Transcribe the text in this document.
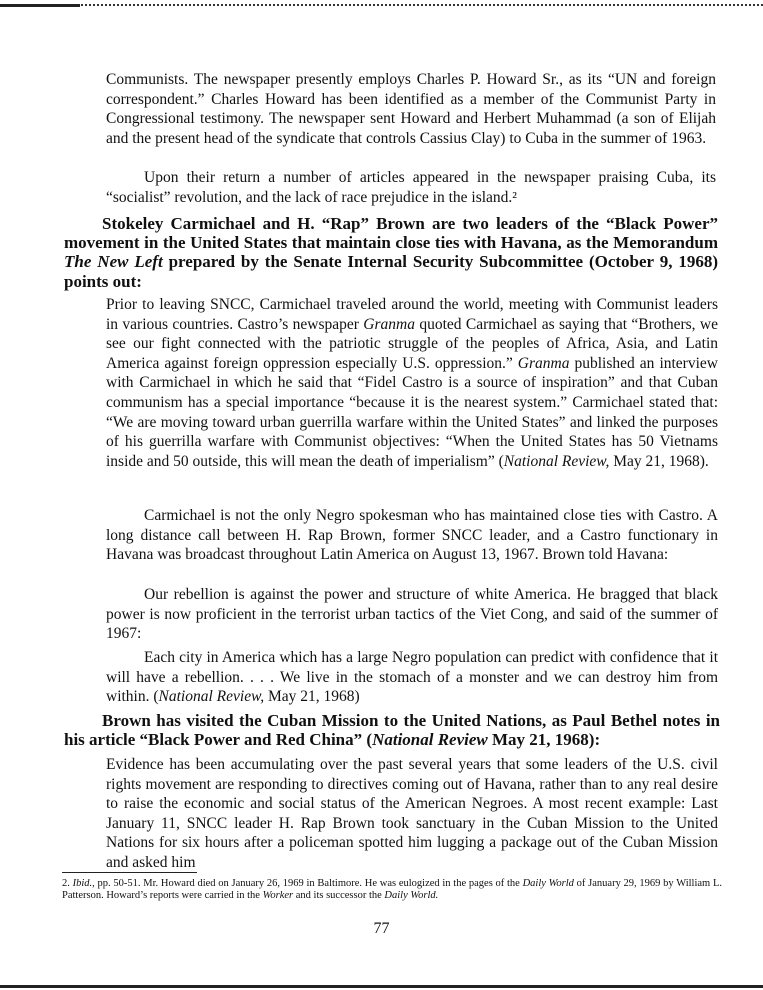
Communists. The newspaper presently employs Charles P. Howard Sr., as its “UN and foreign correspondent.” Charles Howard has been identified as a member of the Communist Party in Congressional testimony. The newspaper sent Howard and Herbert Muhammad (a son of Elijah and the present head of the syndicate that controls Cassius Clay) to Cuba in the summer of 1963.

Upon their return a number of articles appeared in the newspaper praising Cuba, its “socialist” revolution, and the lack of race prejudice in the island.²

Stokeley Carmichael and H. “Rap” Brown are two leaders of the “Black Power” movement in the United States that maintain close ties with Havana, as the Memorandum The New Left prepared by the Senate Internal Security Subcommittee (October 9, 1968) points out:

Prior to leaving SNCC, Carmichael traveled around the world, meeting with Communist leaders in various countries. Castro’s newspaper Granma quoted Carmichael as saying that “Brothers, we see our fight connected with the patriotic struggle of the peoples of Africa, Asia, and Latin America against foreign oppression especially U.S. oppression.” Granma published an interview with Carmichael in which he said that “Fidel Castro is a source of inspiration” and that Cuban communism has a special importance “because it is the nearest system.” Carmichael stated that: “We are moving toward urban guerrilla warfare within the United States” and linked the purposes of his guerrilla warfare with Communist objectives: “When the United States has 50 Vietnams inside and 50 outside, this will mean the death of imperialism” (National Review, May 21, 1968).

Carmichael is not the only Negro spokesman who has maintained close ties with Castro. A long distance call between H. Rap Brown, former SNCC leader, and a Castro functionary in Havana was broadcast throughout Latin America on August 13, 1967. Brown told Havana:

Our rebellion is against the power and structure of white America. He bragged that black power is now proficient in the terrorist urban tactics of the Viet Cong, and said of the summer of 1967:

Each city in America which has a large Negro population can predict with confidence that it will have a rebellion. . . . We live in the stomach of a monster and we can destroy him from within. (National Review, May 21, 1968)

Brown has visited the Cuban Mission to the United Nations, as Paul Bethel notes in his article “Black Power and Red China” (National Review May 21, 1968):

Evidence has been accumulating over the past several years that some leaders of the U.S. civil rights movement are responding to directives coming out of Havana, rather than to any real desire to raise the economic and social status of the American Negroes. A most recent example: Last January 11, SNCC leader H. Rap Brown took sanctuary in the Cuban Mission to the United Nations for six hours after a policeman spotted him lugging a package out of the Cuban Mission and asked him

2. Ibid., pp. 50-51. Mr. Howard died on January 26, 1969 in Baltimore. He was eulogized in the pages of the Daily World of January 29, 1969 by William L. Patterson. Howard’s reports were carried in the Worker and its successor the Daily World.

77
